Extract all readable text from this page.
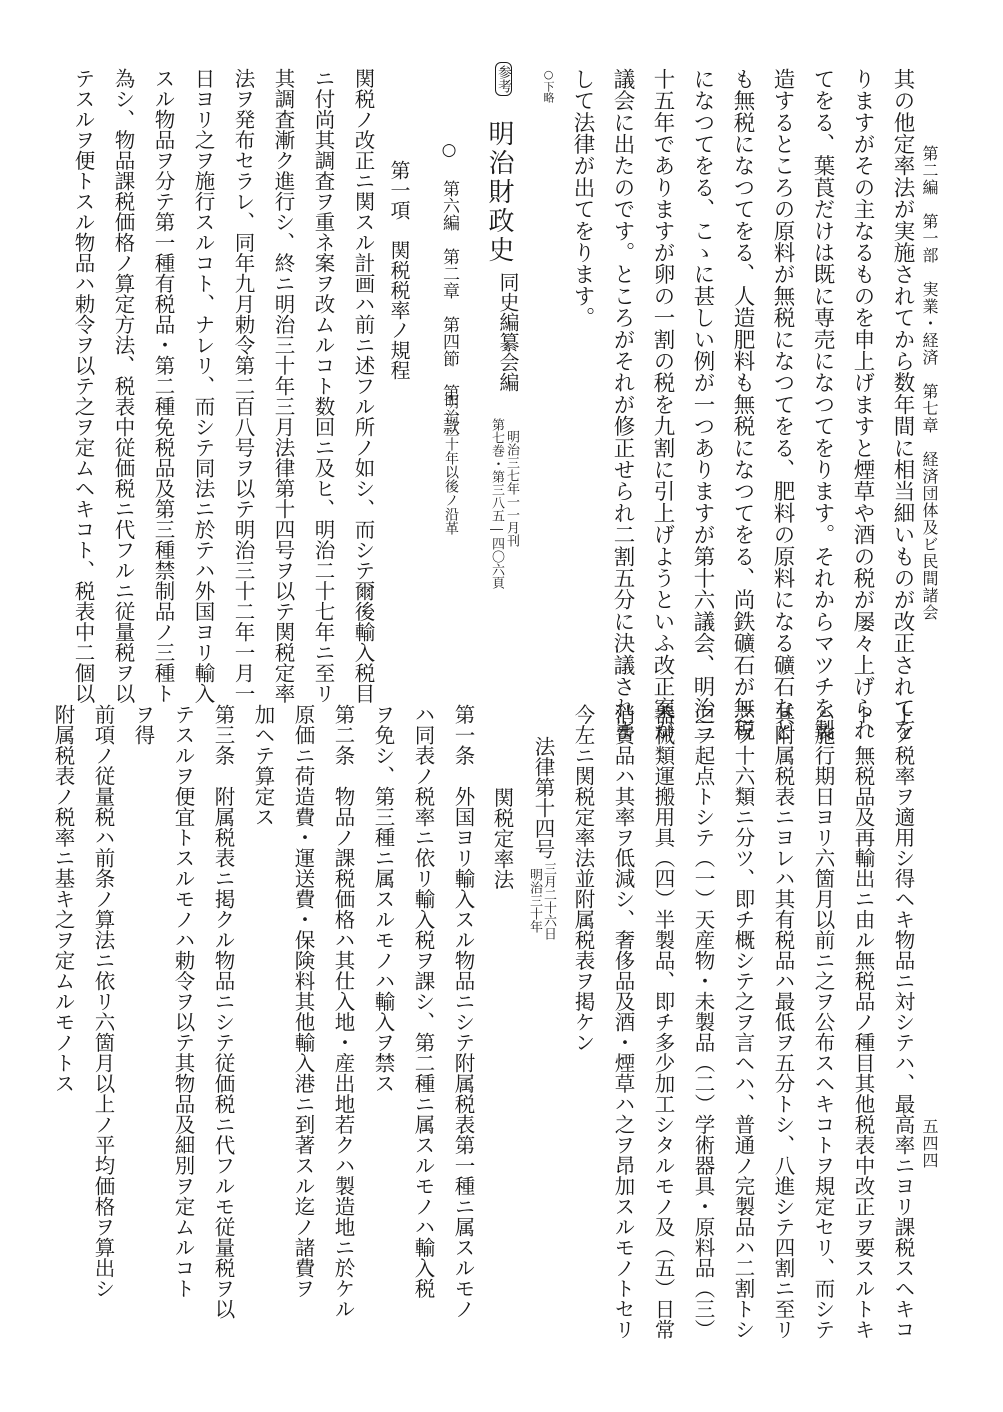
第二編　第一部　実業・経済　第七章　経済団体及ビ民間諸会
五四四

其の他定率法が実施されてから数年間に相当細いものが改正されてを

りますがその主なるものを申上げますと煙草や酒の税が屡々上げられ

てをる、葉莨だけは既に専売になつてをります。それからマツチを製

造するところの原料が無税になつてをる、肥料の原料になる礦石など

も無税になつてをる、人造肥料も無税になつてをる、尚鉄礦石が無税

になつてをる、こゝに甚しい例が一つありますが第十六議会、明治三

十五年でありますが卵の一割の税を九割に引上げようといふ改正案が

議会に出たのです。ところがそれが修正せられ二割五分に決議されま

して法律が出てをります。

○下略
参考
明治財政史
同史編纂会編
第七巻・第三八五―四〇六頁 明治三七年一一月刊
○ 第六編　第二章　第四節　第二款
明治三十年以後ノ沿革
第一項　関税税率ノ規程

上ノ税率ヲ適用シ得ヘキ物品ニ対シテハ、最高率ニヨリ課税スヘキコ

ト、無税品及再輸出ニ由ル無税品ノ種目其他税表中改正ヲ要スルトキ

ハ施行期日ヨリ六箇月以前ニ之ヲ公布スヘキコトヲ規定セリ、而シテ

其附属税表ニヨレハ其有税品ハ最低ヲ五分トシ、八進シテ四割ニ至リ

之ヲ十六類ニ分ツ、即チ概シテ之ヲ言ヘハ、普通ノ完製品ハ二割トシ

之ヲ起点トシテ（一）天産物・未製品（二）学術器具・原料品（三）

器械類運搬用具（四）半製品、即チ多少加工シタルモノ及（五）日常

消費品ハ其率ヲ低減シ、奢侈品及酒・煙草ハ之ヲ昂加スルモノトセリ

今左ニ関税定率法並附属税表ヲ掲ケン

法律第十四号
明治三十年 三月二十六日
関税定率法

第一条　外国ヨリ輸入スル物品ニシテ附属税表第一種ニ属スルモノ

ハ同表ノ税率ニ依リ輸入税ヲ課シ、第二種ニ属スルモノハ輸入税

ヲ免シ、第三種ニ属スルモノハ輸入ヲ禁ス

第二条　物品ノ課税価格ハ其仕入地・産出地若クハ製造地ニ於ケル

原価ニ荷造費・運送費・保険料其他輸入港ニ到著スル迄ノ諸費ヲ

加ヘテ算定ス

第三条　附属税表ニ掲クル物品ニシテ従価税ニ代フルモ従量税ヲ以

テスルヲ便宜トスルモノハ勅令ヲ以テ其物品及細別ヲ定ムルコト

ヲ得

前項ノ従量税ハ前条ノ算法ニ依リ六箇月以上ノ平均価格ヲ算出シ

附属税表ノ税率ニ基キ之ヲ定ムルモノトス

関税ノ改正ニ関スル計画ハ前ニ述フル所ノ如シ、而シテ爾後輸入税目

ニ付尚其調査ヲ重ネ案ヲ改ムルコト数回ニ及ヒ、明治二十七年ニ至リ

其調査漸ク進行シ、終ニ明治三十年三月法律第十四号ヲ以テ関税定率

法ヲ発布セラレ、同年九月勅令第二百八号ヲ以テ明治三十二年一月一

日ヨリ之ヲ施行スルコト、ナレリ、而シテ同法ニ於テハ外国ヨリ輸入

スル物品ヲ分テ第一種有税品・第二種免税品及第三種禁制品ノ三種ト

為シ、物品課税価格ノ算定方法、税表中従価税ニ代フルニ従量税ヲ以

テスルヲ便トスル物品ハ勅令ヲ以テ之ヲ定ムヘキコト、税表中二個以
